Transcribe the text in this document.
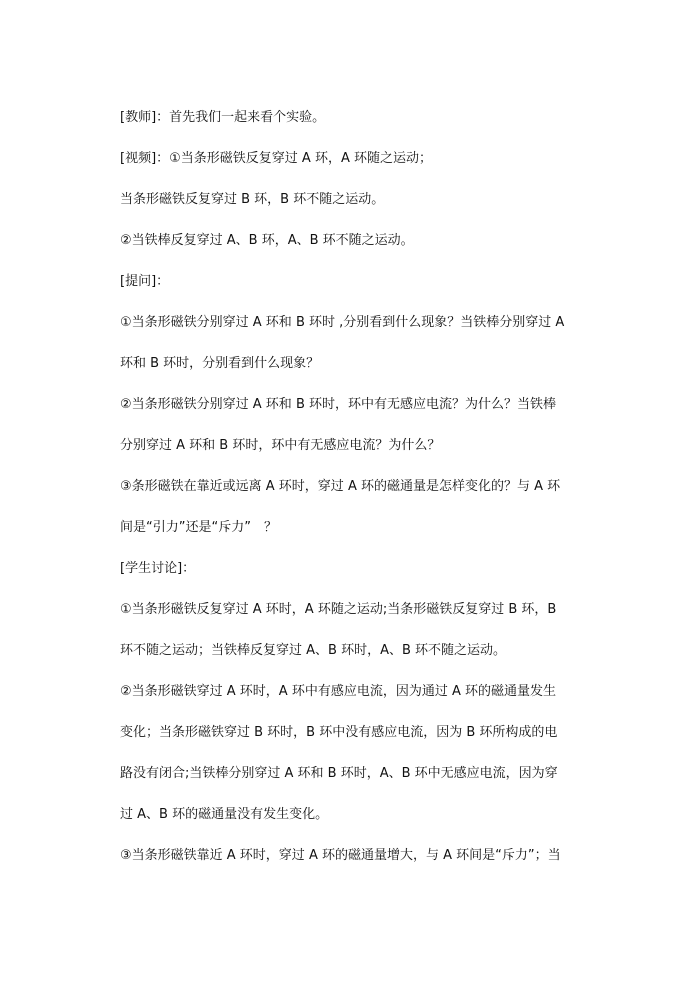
[教师]：首先我们一起来看个实验。
[视频]：①当条形磁铁反复穿过 A 环，A 环随之运动；
当条形磁铁反复穿过 B 环，B 环不随之运动。
②当铁棒反复穿过 A、B 环，A、B 环不随之运动。
[提问]：
①当条形磁铁分别穿过 A 环和 B 环时 ,分别看到什么现象？当铁棒分别穿过 A
环和 B 环时，分别看到什么现象？
②当条形磁铁分别穿过 A 环和 B 环时，环中有无感应电流？为什么？当铁棒
分别穿过 A 环和 B 环时，环中有无感应电流？为什么？
③条形磁铁在靠近或远离 A 环时，穿过 A 环的磁通量是怎样变化的？与 A 环
间是“引力”还是“斥力”　？
[学生讨论]：
①当条形磁铁反复穿过 A 环时，A 环随之运动;当条形磁铁反复穿过 B 环，B
环不随之运动；当铁棒反复穿过 A、B 环时，A、B 环不随之运动。
②当条形磁铁穿过 A 环时，A 环中有感应电流，因为通过 A 环的磁通量发生
变化；当条形磁铁穿过 B 环时，B 环中没有感应电流，因为 B 环所构成的电
路没有闭合;当铁棒分别穿过 A 环和 B 环时，A、B 环中无感应电流，因为穿
过 A、B 环的磁通量没有发生变化。
③当条形磁铁靠近 A 环时，穿过 A 环的磁通量增大，与 A 环间是“斥力”；当
